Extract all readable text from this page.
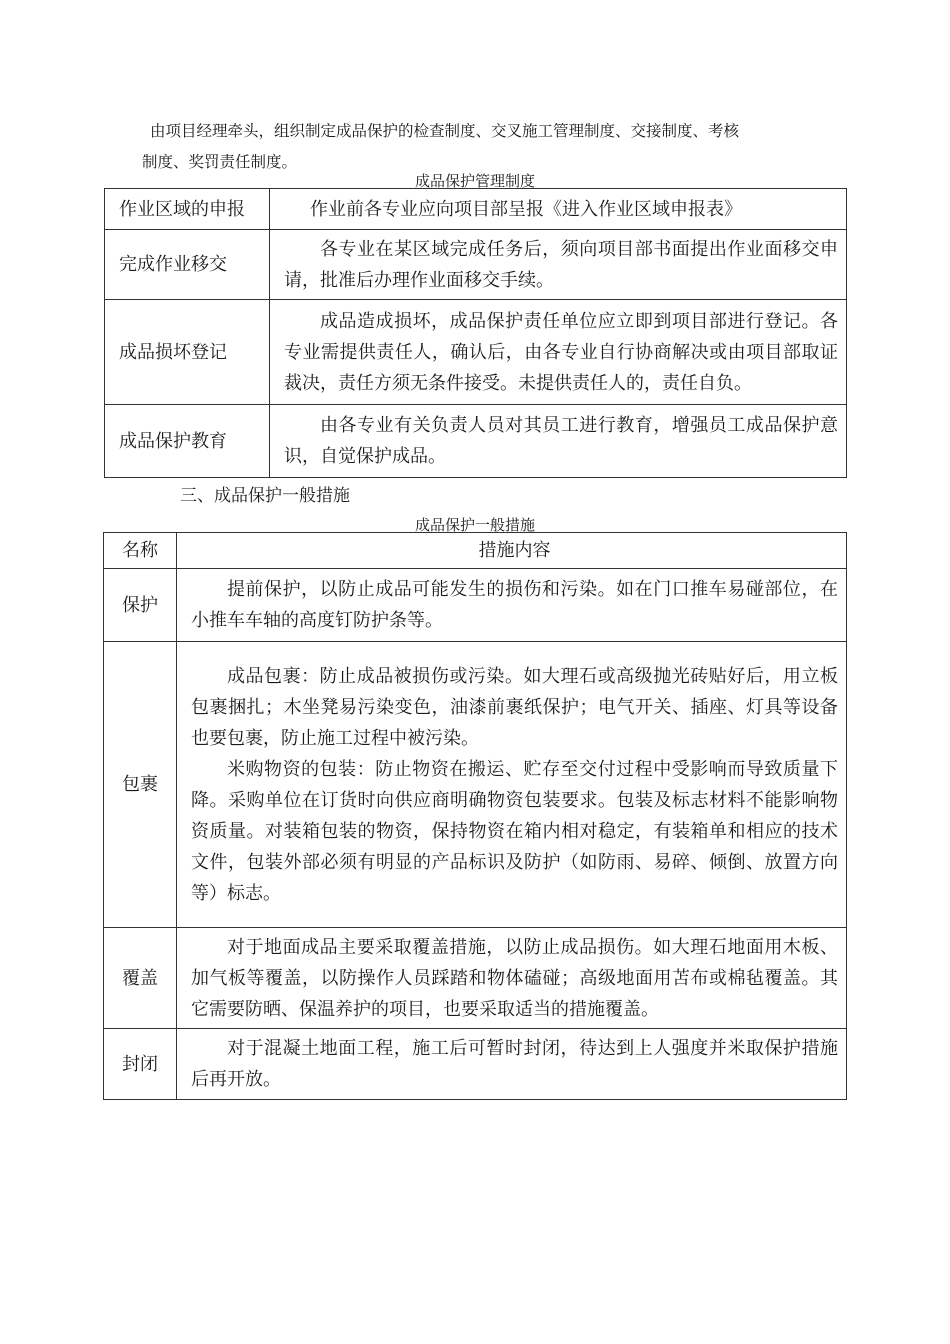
由项目经理牵头，组织制定成品保护的检查制度、交叉施工管理制度、交接制度、考核
制度、奖罚责任制度。
成品保护管理制度
作业区域的申报	作业前各专业应向项目部呈报《进入作业区域申报表》
完成作业移交	各专业在某区域完成任务后，须向项目部书面提出作业面移交申请，批准后办理作业面移交手续。

成品损坏登记	成品造成损坏，成品保护责任单位应立即到项目部进行登记。各专业需提供责任人，确认后，由各专业自行协商解决或由项目部取证裁决，责任方须无条件接受。未提供责任人的，责任自负。

成品保护教育	由各专业有关负责人员对其员工进行教育，增强员工成品保护意识，自觉保护成品。
三、成品保护一般措施
成品保护一般措施
名称	措施内容
保护	提前保护，以防止成品可能发生的损伤和污染。如在门口推车易碰部位，在小推车车轴的高度钉防护条等。

包裹	成品包裹：防止成品被损伤或污染。如大理石或高级抛光砖贴好后，用立板包裹捆扎；木坐凳易污染变色，油漆前裹纸保护；电气开关、插座、灯具等设备也要包裹，防止施工过程中被污染。
米购物资的包装：防止物资在搬运、贮存至交付过程中受影响而导致质量下降。采购单位在订货时向供应商明确物资包装要求。包装及标志材料不能影响物资质量。对装箱包装的物资，保持物资在箱内相对稳定，有装箱单和相应的技术文件，包装外部必须有明显的产品标识及防护（如防雨、易碎、倾倒、放置方向等）标志。

覆盖	对于地面成品主要采取覆盖措施，以防止成品损伤。如大理石地面用木板、加气板等覆盖，以防操作人员踩踏和物体磕碰；高级地面用苫布或棉毡覆盖。其它需要防晒、保温养护的项目，也要采取适当的措施覆盖。

封闭	对于混凝土地面工程，施工后可暂时封闭，待达到上人强度并米取保护措施后再开放。
